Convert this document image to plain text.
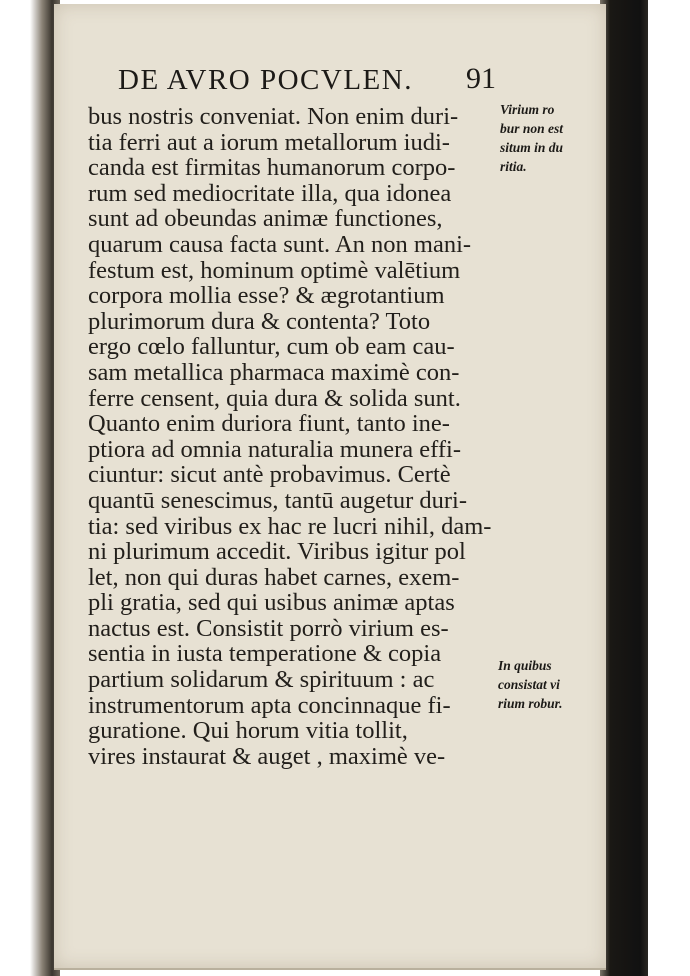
DE AVRO POCVLEN.	91
bus nostris conveniat. Non enim duri-
tia ferri aut a iorum metallorum iudi-
canda est firmitas humanorum corpo-
rum sed mediocritate illa, qua idonea
sunt ad obeundas animæ functiones,
quarum causa facta sunt. An non mani-
festum est, hominum optimè valētium
corpora mollia esse? & ægrotantium
plurimorum dura & contenta? Toto
ergo cœlo falluntur, cum ob eam cau-
sam metallica pharmaca maximè con-
ferre censent, quia dura & solida sunt.
Quanto enim duriora fiunt, tanto ine-
ptiora ad omnia naturalia munera effi-
ciuntur: sicut antè probavimus. Certè
quantū senescimus, tantū augetur duri-
tia: sed viribus ex hac re lucri nihil, dam-
ni plurimum accedit. Viribus igitur pol
let, non qui duras habet carnes, exem-
pli gratia, sed qui usibus animæ aptas
nactus est. Consistit porrò virium es-
sentia in iusta temperatione & copia
partium solidarum & spirituum : ac
instrumentorum apta concinnaque fi-
guratione. Qui horum vitia tollit,
vires instaurat & auget , maximè ve-
Virium ro
bur non est
situm in du
ritia.
In quibus
consistat vi
rium robur.
